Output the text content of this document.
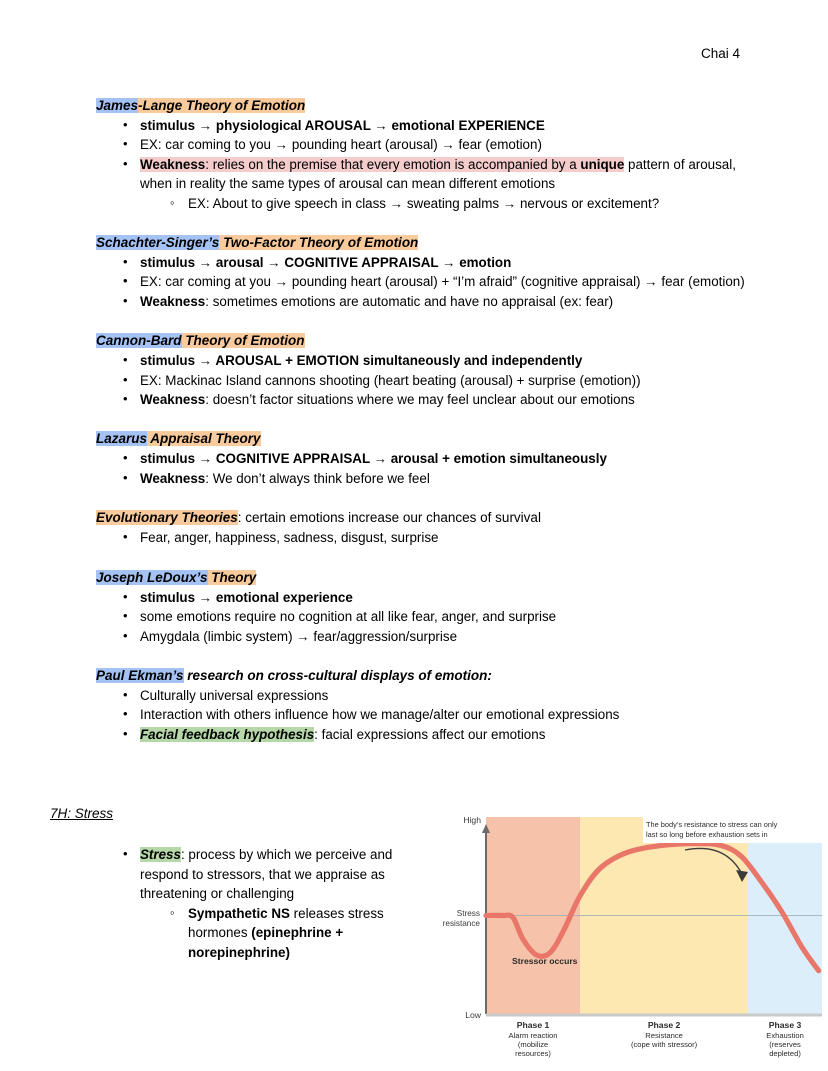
Chai 4
James-Lange Theory of Emotion
• stimulus → physiological AROUSAL → emotional EXPERIENCE
• EX: car coming to you → pounding heart (arousal) → fear (emotion)
• Weakness: relies on the premise that every emotion is accompanied by a unique pattern of arousal, when in reality the same types of arousal can mean different emotions
◦ EX: About to give speech in class → sweating palms → nervous or excitement?
Schachter-Singer’s Two-Factor Theory of Emotion
• stimulus → arousal → COGNITIVE APPRAISAL → emotion
• EX: car coming at you → pounding heart (arousal) + “I’m afraid” (cognitive appraisal) → fear (emotion)
• Weakness: sometimes emotions are automatic and have no appraisal (ex: fear)
Cannon-Bard Theory of Emotion
• stimulus → AROUSAL + EMOTION simultaneously and independently
• EX: Mackinac Island cannons shooting (heart beating (arousal) + surprise (emotion))
• Weakness: doesn’t factor situations where we may feel unclear about our emotions
Lazarus Appraisal Theory
• stimulus → COGNITIVE APPRAISAL → arousal + emotion simultaneously
• Weakness: We don’t always think before we feel
Evolutionary Theories: certain emotions increase our chances of survival
• Fear, anger, happiness, sadness, disgust, surprise
Joseph LeDoux’s Theory
• stimulus → emotional experience
• some emotions require no cognition at all like fear, anger, and surprise
• Amygdala (limbic system) → fear/aggression/surprise
Paul Ekman’s research on cross-cultural displays of emotion:
• Culturally universal expressions
• Interaction with others influence how we manage/alter our emotional expressions
• Facial feedback hypothesis: facial expressions affect our emotions
7H: Stress
• Stress: process by which we perceive and respond to stressors, that we appraise as threatening or challenging
◦ Sympathetic NS releases stress hormones (epinephrine + norepinephrine)
The body’s resistance to stress can only
last so long before exhaustion sets in
Stressor occurs
High
Low
Stress
resistance
Phase 1
Alarm reaction
(mobilize
resources)
Phase 2
Resistance
(cope with stressor)
Phase 3
Exhaustion
(reserves
depleted)
